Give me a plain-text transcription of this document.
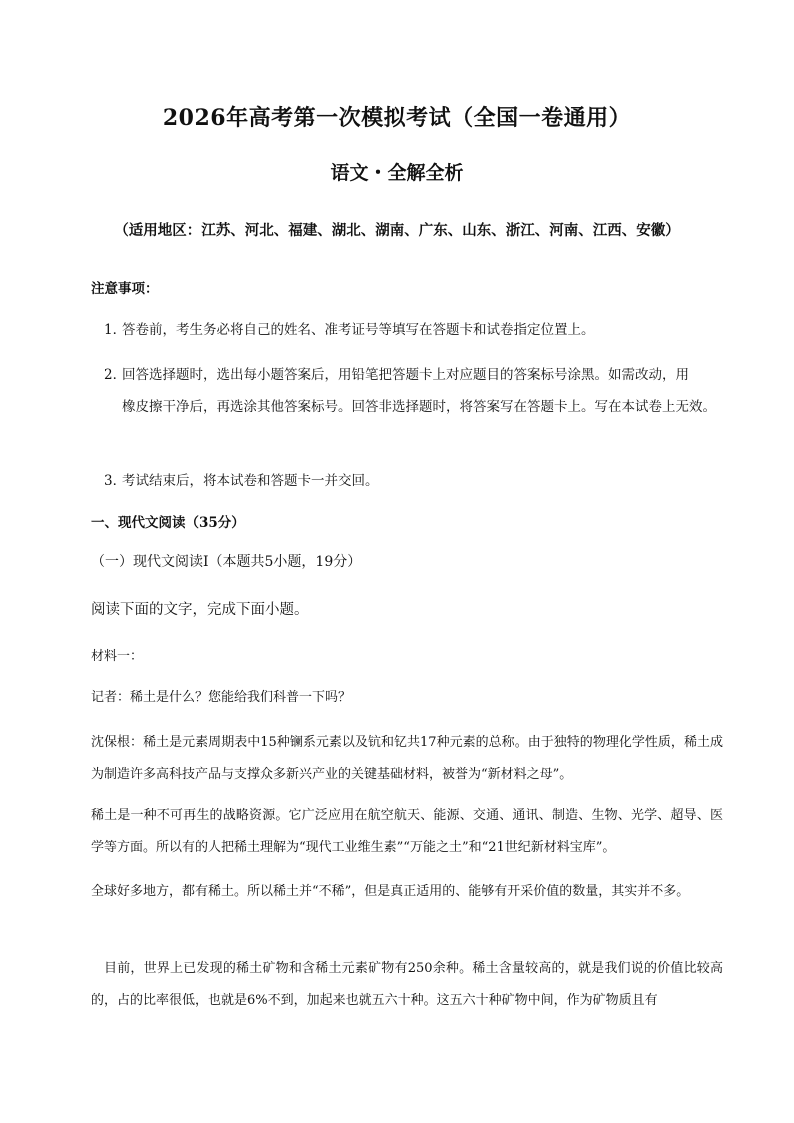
2026年高考第一次模拟考试（全国一卷通用）
语文・全解全析
（适用地区：江苏、河北、福建、湖北、湖南、广东、山东、浙江、河南、江西、安徽）
注意事项：
1．
答卷前，考生务必将自己的姓名、准考证号等填写在答题卡和试卷指定位置上。
2．
回答选择题时，选出每小题答案后，用铅笔把答题卡上对应题目的答案标号涂黑。如需改动，用
橡皮擦干净后，再选涂其他答案标号。回答非选择题时，将答案写在答题卡上。写在本试卷上无效。
3．
考试结束后，将本试卷和答题卡一并交回。
一、现代文阅读（35分）
（一）现代文阅读Ⅰ（本题共5小题，19分）
阅读下面的文字，完成下面小题。
材料一：
记者：稀土是什么？您能给我们科普一下吗？
沈保根：稀土是元素周期表中15种镧系元素以及钪和钇共17种元素的总称。由于独特的物理化学性质，稀土成为制造许多高科技产品与支撑众多新兴产业的关键基础材料，被誉为“新材料之母”。
稀土是一种不可再生的战略资源。它广泛应用在航空航天、能源、交通、通讯、制造、生物、光学、超导、医学等方面。所以有的人把稀土理解为“现代工业维生素”“万能之土”和“21世纪新材料宝库”。
全球好多地方，都有稀土。所以稀土并“不稀”，但是真正适用的、能够有开采价值的数量，其实并不多。
目前，世界上已发现的稀土矿物和含稀土元素矿物有250余种。稀土含量较高的，就是我们说的价值比较高的，占的比率很低，也就是6%不到，加起来也就五六十种。这五六十种矿物中间，作为矿物质且有
